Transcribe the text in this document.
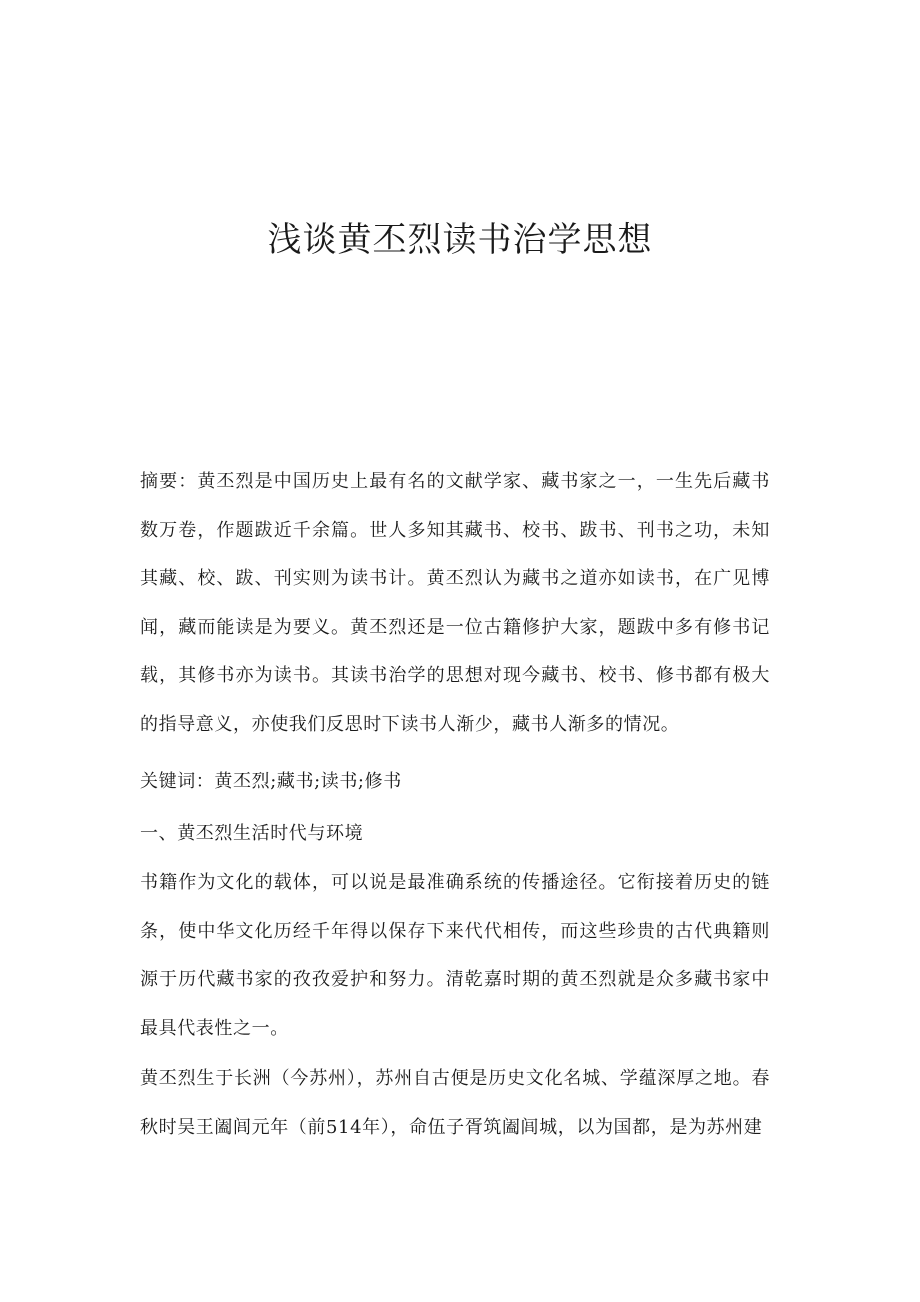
浅谈黄丕烈读书治学思想

摘要：黄丕烈是中国历史上最有名的文献学家、藏书家之一，一生先后藏书数万卷，作题跋近千余篇。世人多知其藏书、校书、跋书、刊书之功，未知其藏、校、跋、刊实则为读书计。黄丕烈认为藏书之道亦如读书，在广见博闻，藏而能读是为要义。黄丕烈还是一位古籍修护大家，题跋中多有修书记载，其修书亦为读书。其读书治学的思想对现今藏书、校书、修书都有极大的指导意义，亦使我们反思时下读书人渐少，藏书人渐多的情况。

关键词：黄丕烈;藏书;读书;修书

一、黄丕烈生活时代与环境

书籍作为文化的载体，可以说是最准确系统的传播途径。它衔接着历史的链条，使中华文化历经千年得以保存下来代代相传，而这些珍贵的古代典籍则源于历代藏书家的孜孜爱护和努力。清乾嘉时期的黄丕烈就是众多藏书家中最具代表性之一。

黄丕烈生于长洲（今苏州），苏州自古便是历史文化名城、学蕴深厚之地。春秋时吴王阖闾元年（前514年），命伍子胥筑阖闾城，以为国都，是为苏州建
